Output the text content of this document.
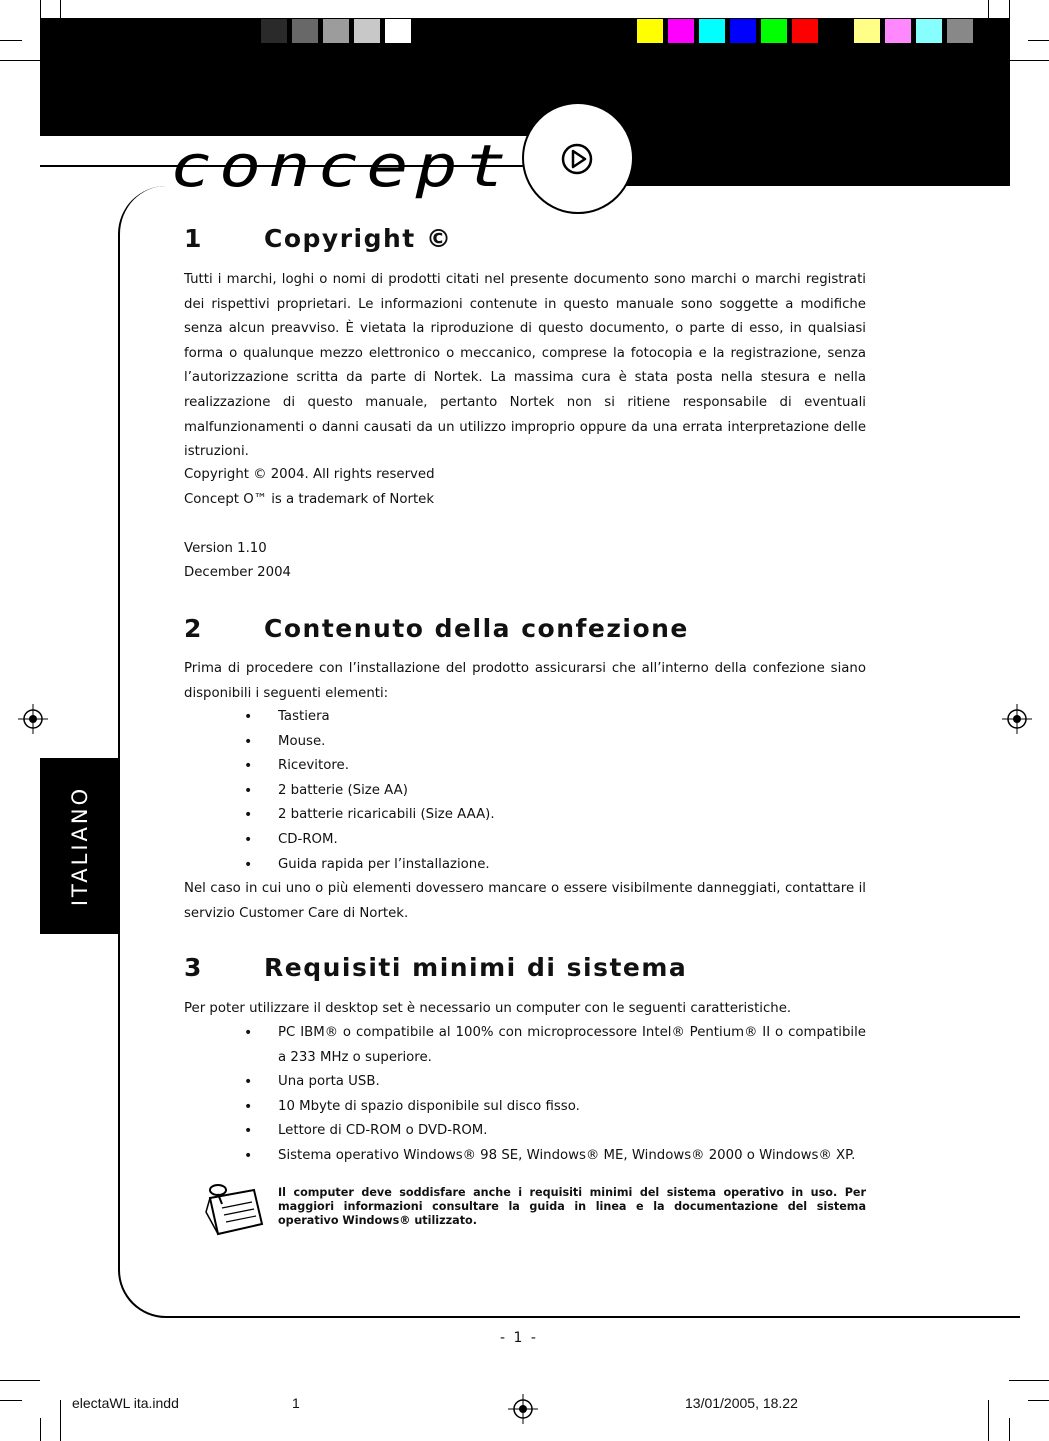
concept
ITALIANO
1 Copyright ©

Tutti i marchi, loghi o nomi di prodotti citati nel presente documento sono marchi o marchi registrati dei rispettivi proprietari. Le informazioni contenute in questo manuale sono soggette a modifiche senza alcun preavviso. È vietata la riproduzione di questo documento, o parte di esso, in qualsiasi forma o qualunque mezzo elettronico o meccanico, comprese la fotocopia e la registrazione, senza l’autorizzazione scritta da parte di Nortek. La massima cura è stata posta nella stesura e nella realizzazione di questo manuale, pertanto Nortek non si ritiene responsabile di eventuali malfunzionamenti o danni causati da un utilizzo improprio oppure da una errata interpretazione delle istruzioni.

Copyright © 2004. All rights reserved

Concept O™ is a trademark of Nortek

Version 1.10

December 2004

2 Contenuto della confezione

Prima di procedere con l’installazione del prodotto assicurarsi che all’interno della confezione siano disponibili i seguenti elementi:

• Tastiera
• Mouse.
• Ricevitore.
• 2 batterie (Size AA)
• 2 batterie ricaricabili (Size AAA).
• CD-ROM.
• Guida rapida per l’installazione.

Nel caso in cui uno o più elementi dovessero mancare o essere visibilmente danneggiati, contattare il servizio Customer Care di Nortek.

3 Requisiti minimi di sistema

Per poter utilizzare il desktop set è necessario un computer con le seguenti caratteristiche.

• PC IBM® o compatibile al 100% con microprocessore Intel® Pentium® II o compatibile a 233 MHz o superiore.
• Una porta USB.
• 10 Mbyte di spazio disponibile sul disco fisso.
• Lettore di CD-ROM o DVD-ROM.
• Sistema operativo Windows® 98 SE, Windows® ME, Windows® 2000 o Windows® XP.

Il computer deve soddisfare anche i requisiti minimi del sistema operativo in uso. Per maggiori informazioni consultare la guida in linea e la documentazione del sistema operativo Windows® utilizzato.

- 1 -
electaWL ita.indd	1	13/01/2005, 18.22
